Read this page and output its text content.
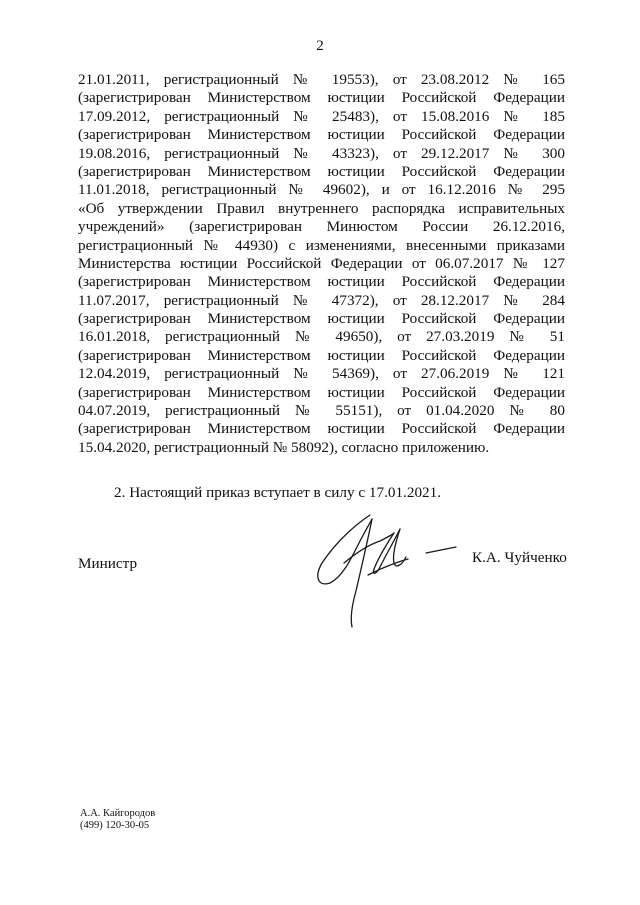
2
21.01.2011, регистрационный № 19553), от 23.08.2012 № 165
(зарегистрирован Министерством юстиции Российской Федерации
17.09.2012, регистрационный № 25483), от 15.08.2016 № 185
(зарегистрирован Министерством юстиции Российской Федерации
19.08.2016, регистрационный № 43323), от 29.12.2017 № 300
(зарегистрирован Министерством юстиции Российской Федерации
11.01.2018, регистрационный № 49602), и от 16.12.2016 № 295
«Об утверждении Правил внутреннего распорядка исправительных
учреждений» (зарегистрирован Минюстом России 26.12.2016,
регистрационный № 44930) с изменениями, внесенными приказами
Министерства юстиции Российской Федерации от 06.07.2017 № 127
(зарегистрирован Министерством юстиции Российской Федерации
11.07.2017, регистрационный № 47372), от 28.12.2017 № 284
(зарегистрирован Министерством юстиции Российской Федерации
16.01.2018, регистрационный № 49650), от 27.03.2019 № 51
(зарегистрирован Министерством юстиции Российской Федерации
12.04.2019, регистрационный № 54369), от 27.06.2019 № 121
(зарегистрирован Министерством юстиции Российской Федерации
04.07.2019, регистрационный № 55151), от 01.04.2020 № 80
(зарегистрирован Министерством юстиции Российской Федерации
15.04.2020, регистрационный № 58092), согласно приложению.
2. Настоящий приказ вступает в силу с 17.01.2021.
Министр	К.А. Чуйченко
А.А. Кайгородов
(499) 120-30-05
